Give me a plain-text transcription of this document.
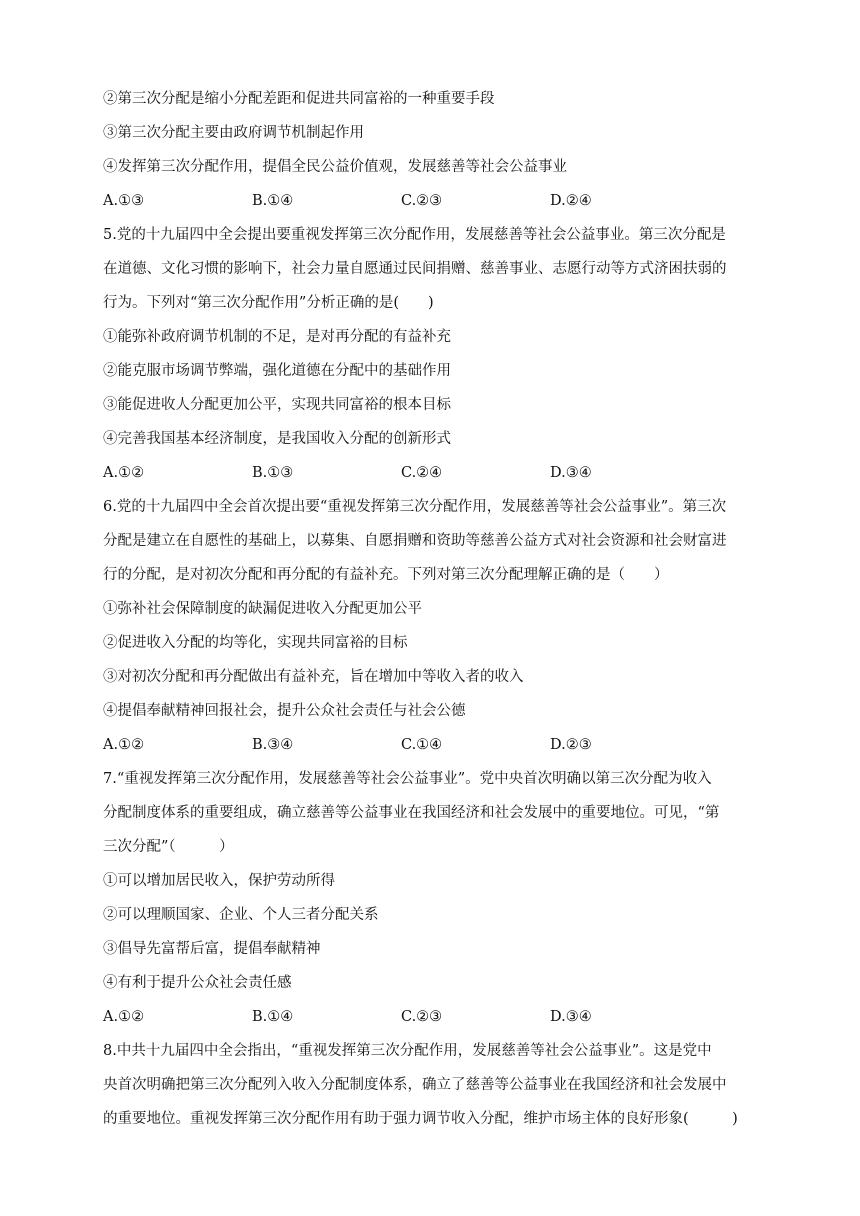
②第三次分配是缩小分配差距和促进共同富裕的一种重要手段
③第三次分配主要由政府调节机制起作用
④发挥第三次分配作用，提倡全民公益价值观，发展慈善等社会公益事业
A.①③	B.①④	C.②③	D.②④
5.党的十九届四中全会提出要重视发挥第三次分配作用，发展慈善等社会公益事业。第三次分配是
在道德、文化习惯的影响下，社会力量自愿通过民间捐赠、慈善事业、志愿行动等方式济困扶弱的
行为。下列对“第三次分配作用”分析正确的是(　　)
①能弥补政府调节机制的不足，是对再分配的有益补充
②能克服市场调节弊端，强化道德在分配中的基础作用
③能促进收人分配更加公平，实现共同富裕的根本目标
④完善我国基本经济制度，是我国收入分配的创新形式
A.①②	B.①③	C.②④	D.③④
6.党的十九届四中全会首次提出要“重视发挥第三次分配作用，发展慈善等社会公益事业”。第三次
分配是建立在自愿性的基础上，以募集、自愿捐赠和资助等慈善公益方式对社会资源和社会财富进
行的分配，是对初次分配和再分配的有益补充。下列对第三次分配理解正确的是（　　）
①弥补社会保障制度的缺漏促进收入分配更加公平
②促进收入分配的均等化，实现共同富裕的目标
③对初次分配和再分配做出有益补充，旨在增加中等收入者的收入
④提倡奉献精神回报社会，提升公众社会责任与社会公德
A.①②	B.③④	C.①④	D.②③
7.“重视发挥第三次分配作用，发展慈善等社会公益事业”。党中央首次明确以第三次分配为收入
分配制度体系的重要组成，确立慈善等公益事业在我国经济和社会发展中的重要地位。可见，“第
三次分配”（　　　）
①可以增加居民收入，保护劳动所得
②可以理顺国家、企业、个人三者分配关系
③倡导先富帮后富，提倡奉献精神
④有利于提升公众社会责任感
A.①②	B.①④	C.②③	D.③④
8.中共十九届四中全会指出，“重视发挥第三次分配作用，发展慈善等社会公益事业”。这是党中
央首次明确把第三次分配列入收入分配制度体系，确立了慈善等公益事业在我国经济和社会发展中
的重要地位。重视发挥第三次分配作用有助于强力调节收入分配，维护市场主体的良好形象(　　　)
